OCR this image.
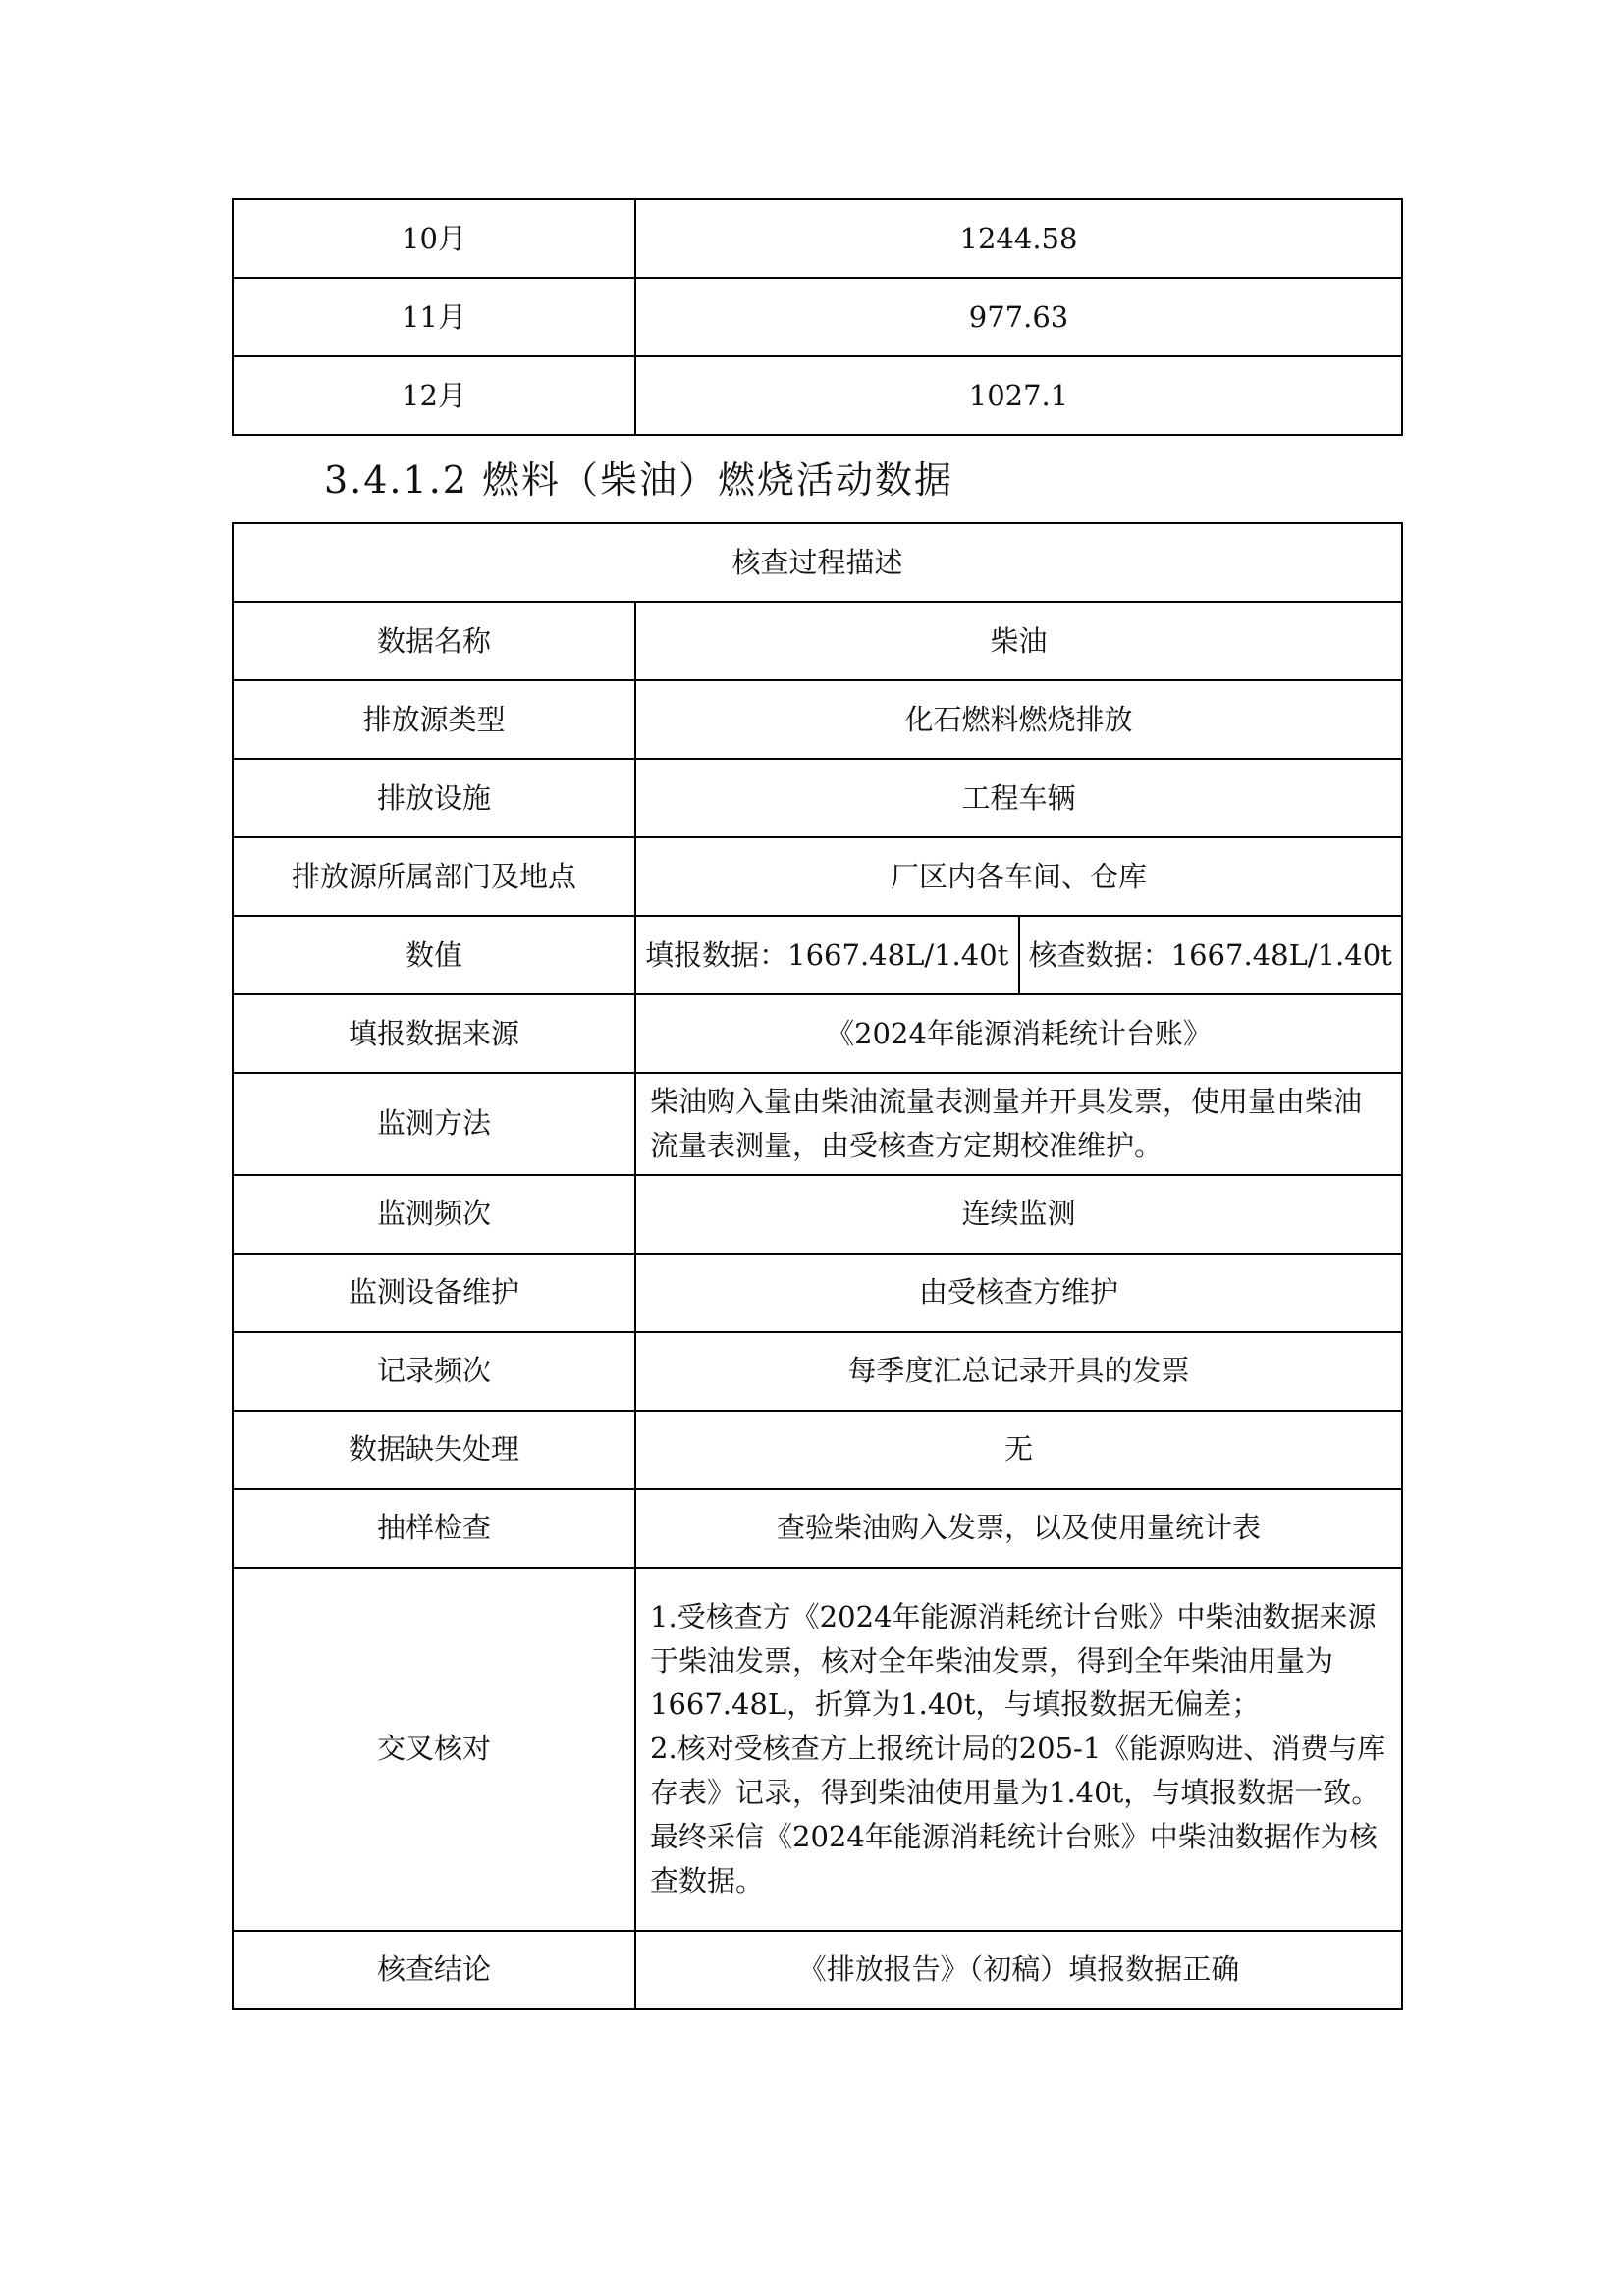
10月	1244.58
11月	977.63
12月	1027.1
3.4.1.2 燃料（柴油）燃烧活动数据
核查过程描述	
数据名称	柴油
排放源类型	化石燃料燃烧排放
排放设施	工程车辆
排放源所属部门及地点	厂区内各车间、仓库
数值	填报数据：1667.48L/1.40t 核查数据：1667.48L/1.40t

填报数据来源	《2024年能源消耗统计台账》
监测方法	柴油购入量由柴油流量表测量并开具发票，使用量由柴油流量表测量，由受核查方定期校准维护。
监测频次	连续监测
监测设备维护	由受核查方维护
记录频次	每季度汇总记录开具的发票
数据缺失处理	无
抽样检查	查验柴油购入发票，以及使用量统计表
交叉核对	1.受核查方《2024年能源消耗统计台账》中柴油数据来源于柴油发票，核对全年柴油发票，得到全年柴油用量为1667.48L，折算为1.40t，与填报数据无偏差；
2.核对受核查方上报统计局的205-1《能源购进、消费与库存表》记录，得到柴油使用量为1.40t，与填报数据一致。
最终采信《2024年能源消耗统计台账》中柴油数据作为核查数据。

核查结论	《排放报告》（初稿）填报数据正确
